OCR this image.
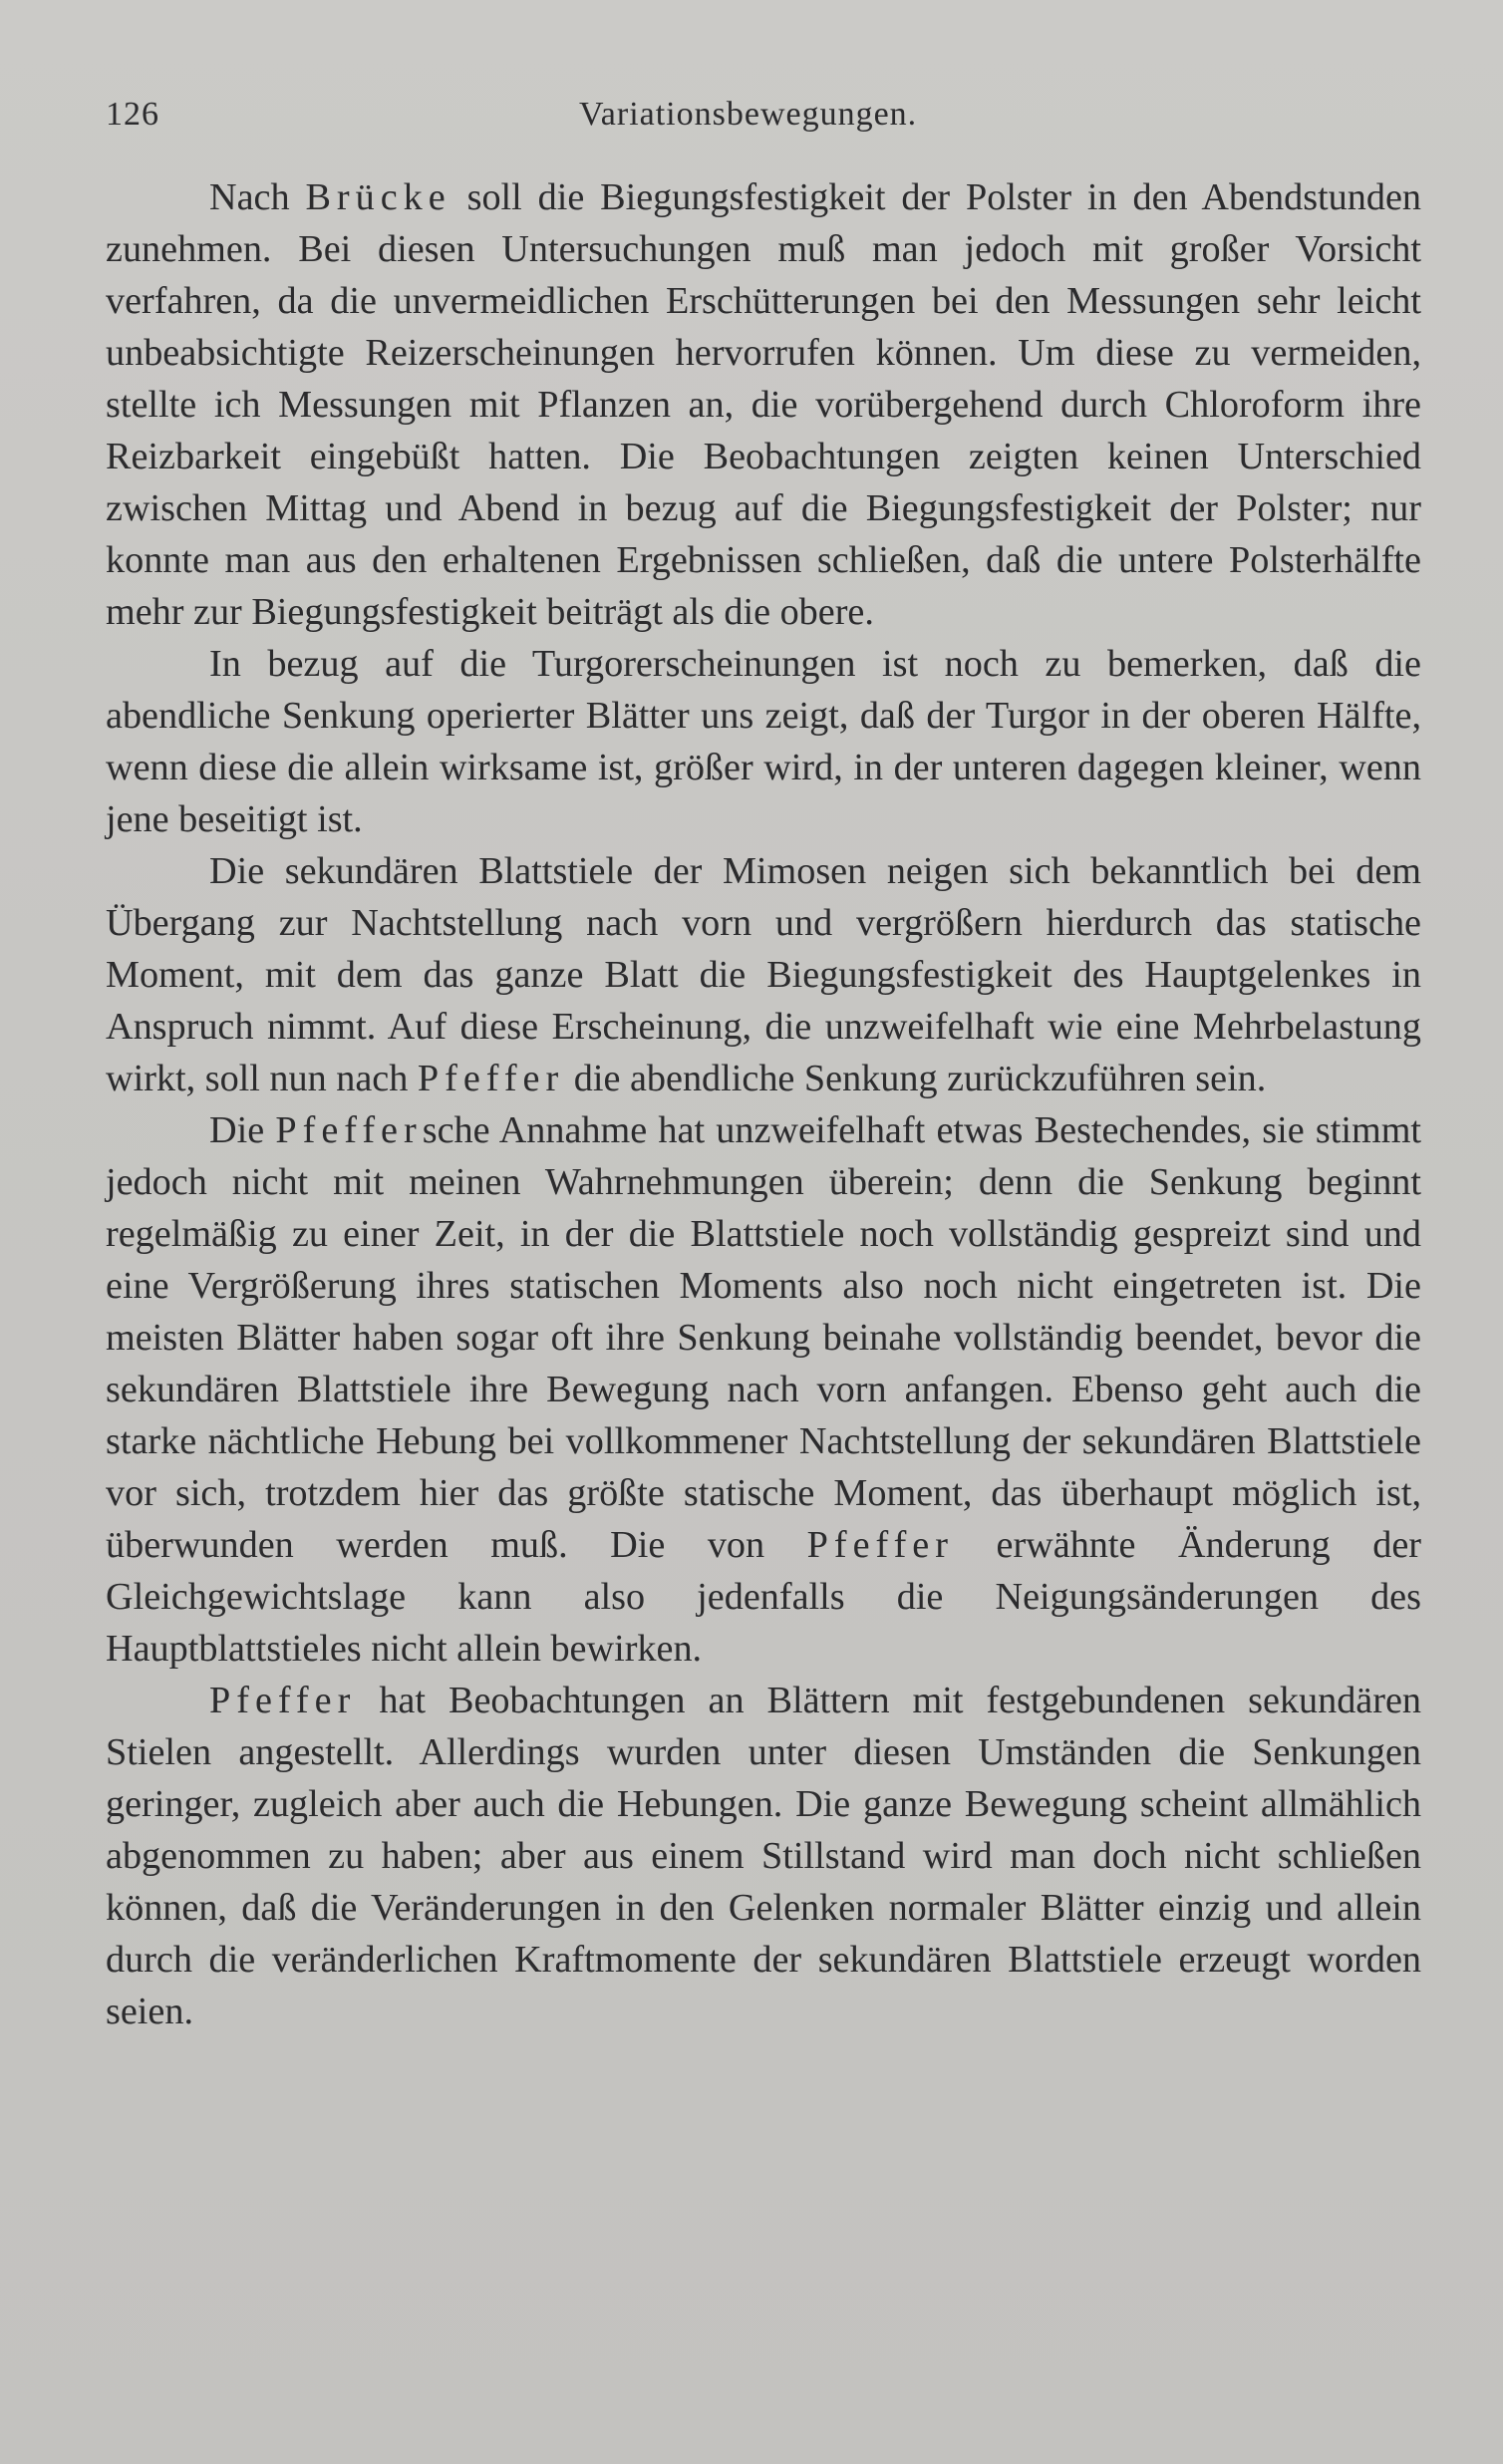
126	Variationsbewegungen.

Nach Brücke soll die Biegungsfestigkeit der Polster in den Abendstunden zunehmen. Bei diesen Untersuchungen muß man jedoch mit großer Vorsicht verfahren, da die unvermeidlichen Erschütterungen bei den Messungen sehr leicht unbeabsichtigte Reizerscheinungen hervorrufen können. Um diese zu vermeiden, stellte ich Messungen mit Pflanzen an, die vorübergehend durch Chloroform ihre Reizbarkeit eingebüßt hatten. Die Beobachtungen zeigten keinen Unterschied zwischen Mittag und Abend in bezug auf die Biegungsfestigkeit der Polster; nur konnte man aus den erhaltenen Ergebnissen schließen, daß die untere Polsterhälfte mehr zur Biegungsfestigkeit beiträgt als die obere.

In bezug auf die Turgorerscheinungen ist noch zu bemerken, daß die abendliche Senkung operierter Blätter uns zeigt, daß der Turgor in der oberen Hälfte, wenn diese die allein wirksame ist, größer wird, in der unteren dagegen kleiner, wenn jene beseitigt ist.

Die sekundären Blattstiele der Mimosen neigen sich bekanntlich bei dem Übergang zur Nachtstellung nach vorn und vergrößern hierdurch das statische Moment, mit dem das ganze Blatt die Biegungsfestigkeit des Hauptgelenkes in Anspruch nimmt. Auf diese Erscheinung, die unzweifelhaft wie eine Mehrbelastung wirkt, soll nun nach Pfeffer die abendliche Senkung zurückzuführen sein.

Die Pfeffersche Annahme hat unzweifelhaft etwas Bestechendes, sie stimmt jedoch nicht mit meinen Wahrnehmungen überein; denn die Senkung beginnt regelmäßig zu einer Zeit, in der die Blattstiele noch vollständig gespreizt sind und eine Vergrößerung ihres statischen Moments also noch nicht eingetreten ist. Die meisten Blätter haben sogar oft ihre Senkung beinahe vollständig beendet, bevor die sekundären Blattstiele ihre Bewegung nach vorn anfangen. Ebenso geht auch die starke nächtliche Hebung bei vollkommener Nachtstellung der sekundären Blattstiele vor sich, trotzdem hier das größte statische Moment, das überhaupt möglich ist, überwunden werden muß. Die von Pfeffer erwähnte Änderung der Gleichgewichtslage kann also jedenfalls die Neigungsänderungen des Hauptblattstieles nicht allein bewirken.

Pfeffer hat Beobachtungen an Blättern mit festgebundenen sekundären Stielen angestellt. Allerdings wurden unter diesen Umständen die Senkungen geringer, zugleich aber auch die Hebungen. Die ganze Bewegung scheint allmählich abgenommen zu haben; aber aus einem Stillstand wird man doch nicht schließen können, daß die Veränderungen in den Gelenken normaler Blätter einzig und allein durch die veränderlichen Kraftmomente der sekundären Blattstiele erzeugt worden seien.
